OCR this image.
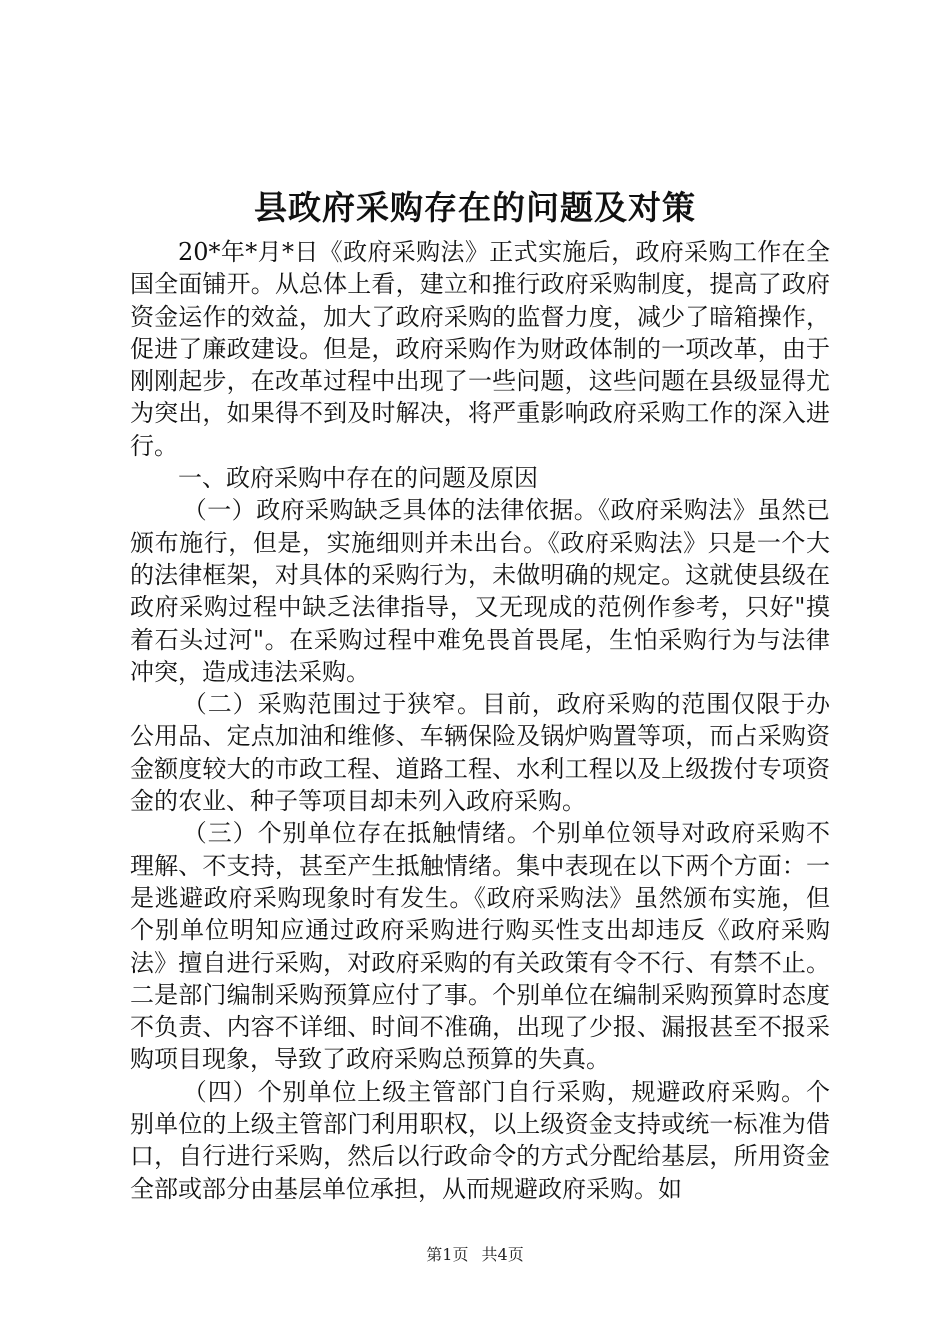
县政府采购存在的问题及对策

20*年*月*日《政府采购法》正式实施后，政府采购工作在全国全面铺开。从总体上看，建立和推行政府采购制度，提高了政府资金运作的效益，加大了政府采购的监督力度，减少了暗箱操作，促进了廉政建设。但是，政府采购作为财政体制的一项改革，由于刚刚起步，在改革过程中出现了一些问题，这些问题在县级显得尤为突出，如果得不到及时解决，将严重影响政府采购工作的深入进行。

一、政府采购中存在的问题及原因

（一）政府采购缺乏具体的法律依据。《政府采购法》虽然已颁布施行，但是，实施细则并未出台。《政府采购法》只是一个大的法律框架，对具体的采购行为，未做明确的规定。这就使县级在政府采购过程中缺乏法律指导，又无现成的范例作参考，只好"摸着石头过河"。在采购过程中难免畏首畏尾，生怕采购行为与法律冲突，造成违法采购。

（二）采购范围过于狭窄。目前，政府采购的范围仅限于办公用品、定点加油和维修、车辆保险及锅炉购置等项，而占采购资金额度较大的市政工程、道路工程、水利工程以及上级拨付专项资金的农业、种子等项目却未列入政府采购。

（三）个别单位存在抵触情绪。个别单位领导对政府采购不理解、不支持，甚至产生抵触情绪。集中表现在以下两个方面：一是逃避政府采购现象时有发生。《政府采购法》虽然颁布实施，但个别单位明知应通过政府采购进行购买性支出却违反《政府采购法》擅自进行采购，对政府采购的有关政策有令不行、有禁不止。二是部门编制采购预算应付了事。个别单位在编制采购预算时态度不负责、内容不详细、时间不准确，出现了少报、漏报甚至不报采购项目现象，导致了政府采购总预算的失真。

（四）个别单位上级主管部门自行采购，规避政府采购。个别单位的上级主管部门利用职权，以上级资金支持或统一标准为借口，自行进行采购，然后以行政命令的方式分配给基层，所用资金全部或部分由基层单位承担，从而规避政府采购。如

第1页 共4页
